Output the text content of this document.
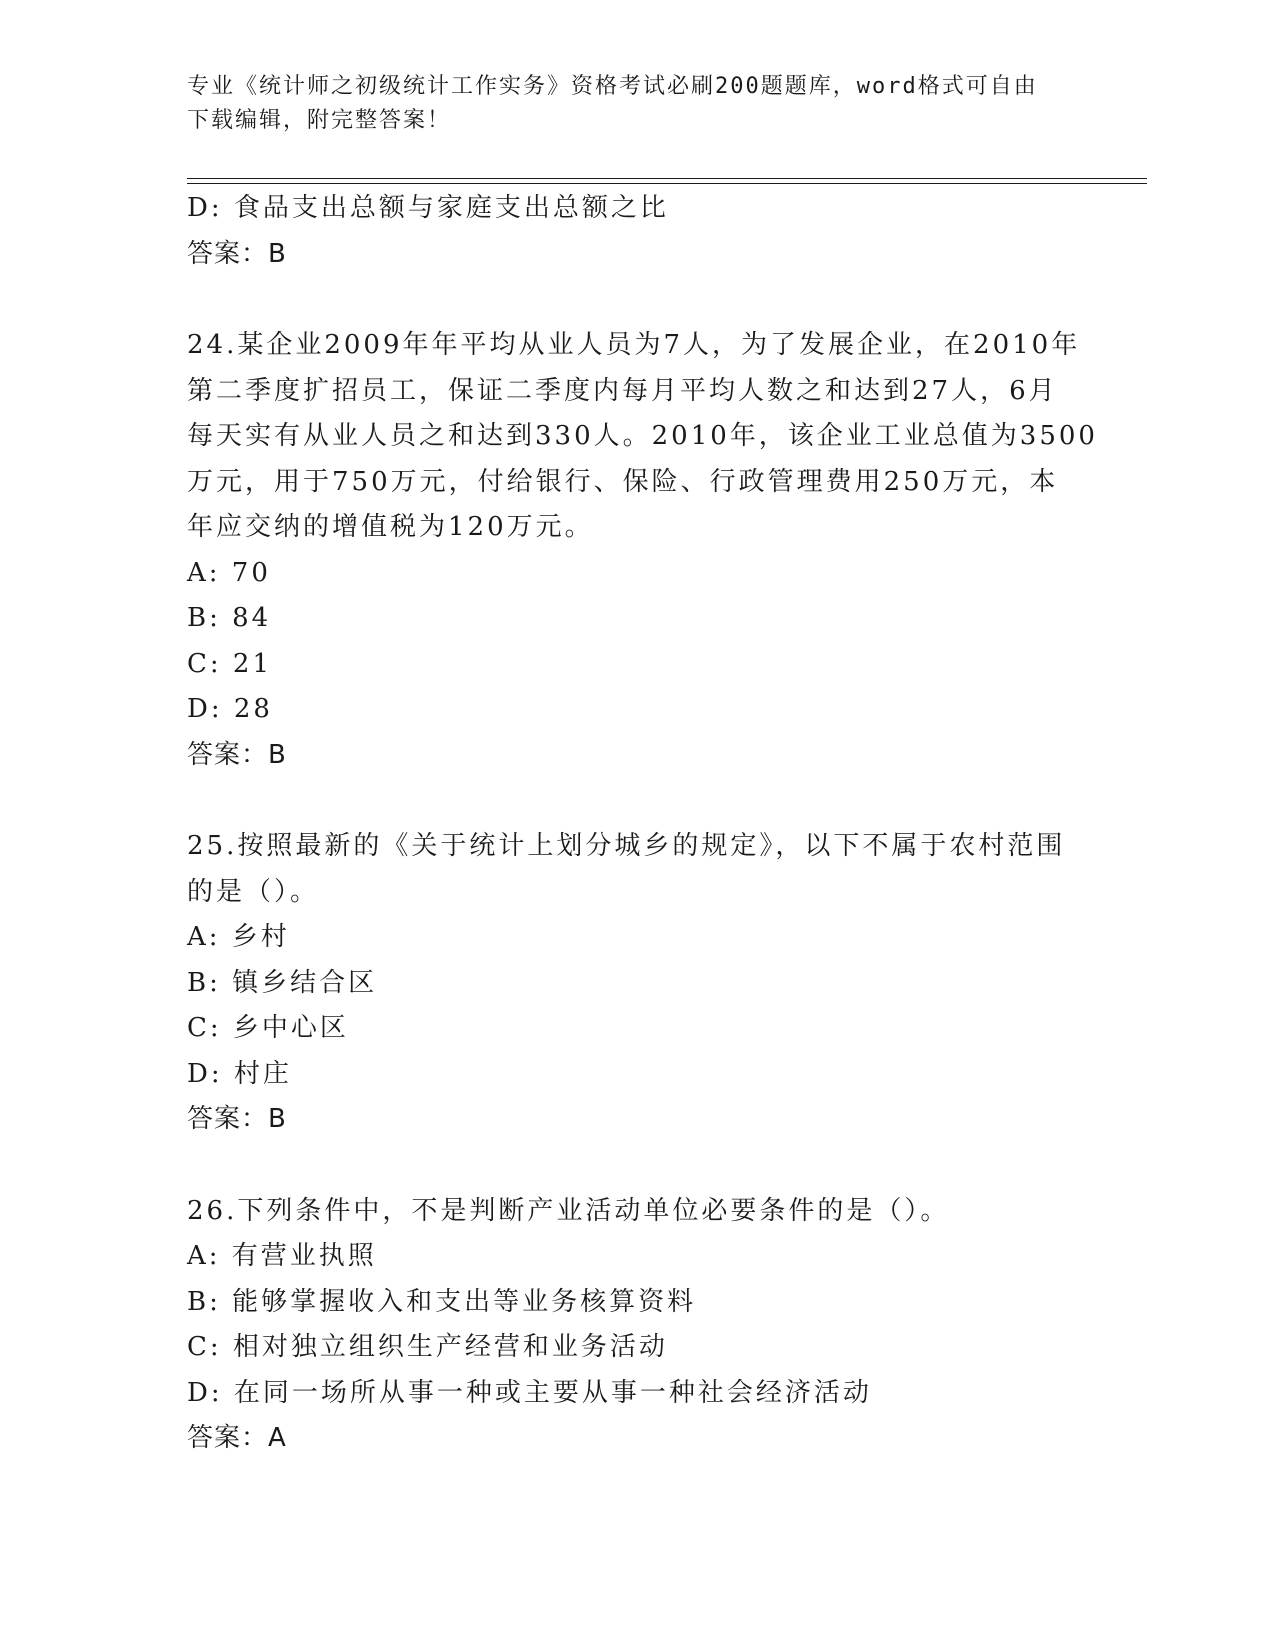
专业《统计师之初级统计工作实务》资格考试必刷200题题库，word格式可自由
下载编辑，附完整答案！
D: 食品支出总额与家庭支出总额之比
答案：B
24.某企业2009年年平均从业人员为7人，为了发展企业，在2010年
第二季度扩招员工，保证二季度内每月平均人数之和达到27人，6月
每天实有从业人员之和达到330人。2010年，该企业工业总值为3500
万元，用于750万元，付给银行、保险、行政管理费用250万元，本
年应交纳的增值税为120万元。
A: 70
B: 84
C: 21
D: 28
答案：B
25.按照最新的《关于统计上划分城乡的规定》，以下不属于农村范围
的是（）。
A: 乡村
B: 镇乡结合区
C: 乡中心区
D: 村庄
答案：B
26.下列条件中，不是判断产业活动单位必要条件的是（）。
A: 有营业执照
B: 能够掌握收入和支出等业务核算资料
C: 相对独立组织生产经营和业务活动
D: 在同一场所从事一种或主要从事一种社会经济活动
答案：A
